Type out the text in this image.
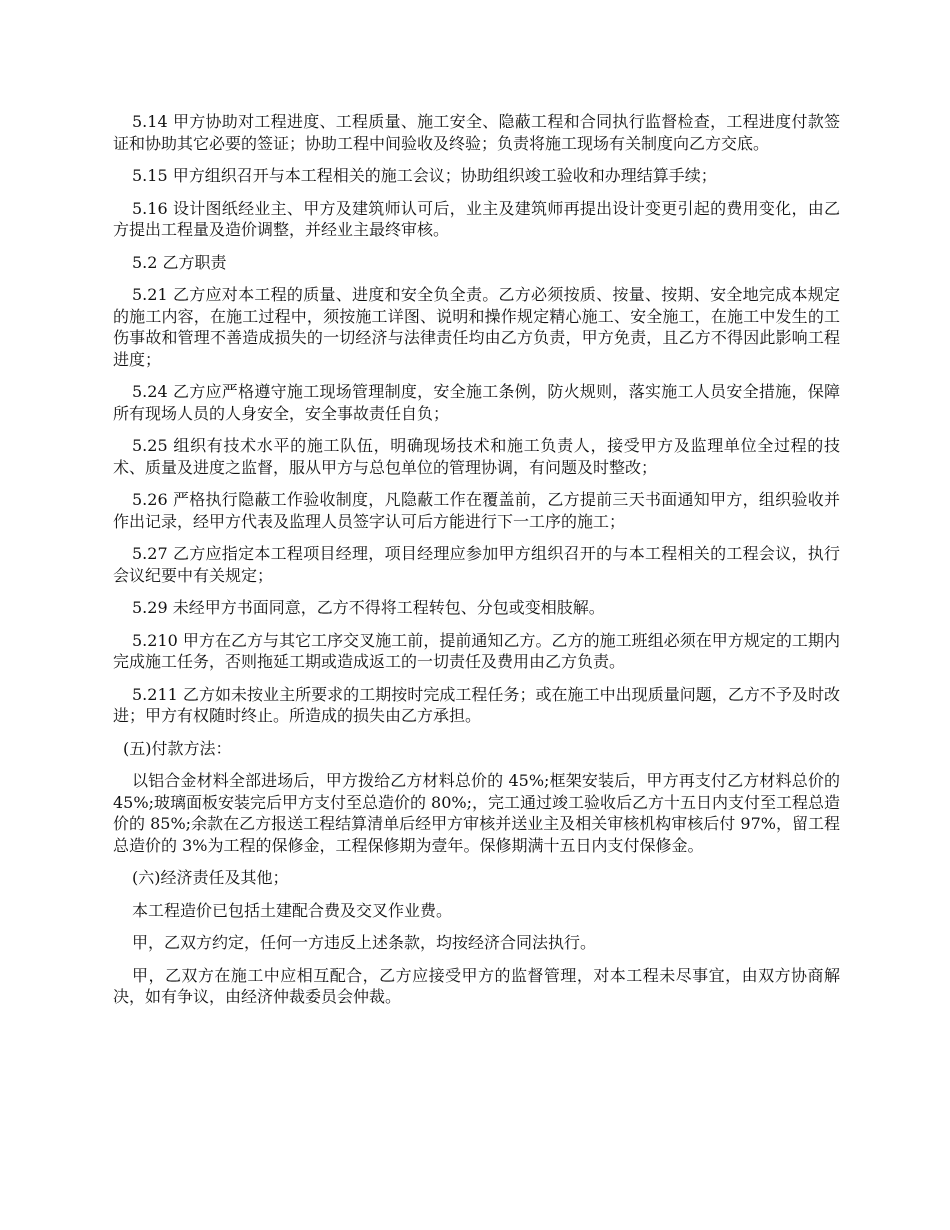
5.14 甲方协助对工程进度、工程质量、施工安全、隐蔽工程和合同执行监督检查，工程进度付款签证和协助其它必要的签证；协助工程中间验收及终验；负责将施工现场有关制度向乙方交底。

5.15 甲方组织召开与本工程相关的施工会议；协助组织竣工验收和办理结算手续；

5.16 设计图纸经业主、甲方及建筑师认可后，业主及建筑师再提出设计变更引起的费用变化，由乙方提出工程量及造价调整，并经业主最终审核。

5.2 乙方职责

5.21 乙方应对本工程的质量、进度和安全负全责。乙方必须按质、按量、按期、安全地完成本规定的施工内容，在施工过程中，须按施工详图、说明和操作规定精心施工、安全施工，在施工中发生的工伤事故和管理不善造成损失的一切经济与法律责任均由乙方负责，甲方免责，且乙方不得因此影响工程进度；

5.24 乙方应严格遵守施工现场管理制度，安全施工条例，防火规则，落实施工人员安全措施，保障所有现场人员的人身安全，安全事故责任自负；

5.25 组织有技术水平的施工队伍，明确现场技术和施工负责人，接受甲方及监理单位全过程的技术、质量及进度之监督，服从甲方与总包单位的管理协调，有问题及时整改；

5.26 严格执行隐蔽工作验收制度，凡隐蔽工作在覆盖前，乙方提前三天书面通知甲方，组织验收并作出记录，经甲方代表及监理人员签字认可后方能进行下一工序的施工；

5.27 乙方应指定本工程项目经理，项目经理应参加甲方组织召开的与本工程相关的工程会议，执行会议纪要中有关规定；

5.29 未经甲方书面同意，乙方不得将工程转包、分包或变相肢解。

5.210 甲方在乙方与其它工序交叉施工前，提前通知乙方。乙方的施工班组必须在甲方规定的工期内完成施工任务，否则拖延工期或造成返工的一切责任及费用由乙方负责。

5.211 乙方如未按业主所要求的工期按时完成工程任务；或在施工中出现质量问题，乙方不予及时改进；甲方有权随时终止。所造成的损失由乙方承担。

(五)付款方法：

以铝合金材料全部进场后，甲方拨给乙方材料总价的 45%;框架安装后，甲方再支付乙方材料总价的 45%;玻璃面板安装完后甲方支付至总造价的 80%;，完工通过竣工验收后乙方十五日内支付至工程总造价的 85%;余款在乙方报送工程结算清单后经甲方审核并送业主及相关审核机构审核后付 97%，留工程总造价的 3%为工程的保修金，工程保修期为壹年。保修期满十五日内支付保修金。

(六)经济责任及其他；

本工程造价已包括土建配合费及交叉作业费。

甲，乙双方约定，任何一方违反上述条款，均按经济合同法执行。

甲，乙双方在施工中应相互配合，乙方应接受甲方的监督管理，对本工程未尽事宜，由双方协商解决，如有争议，由经济仲裁委员会仲裁。
